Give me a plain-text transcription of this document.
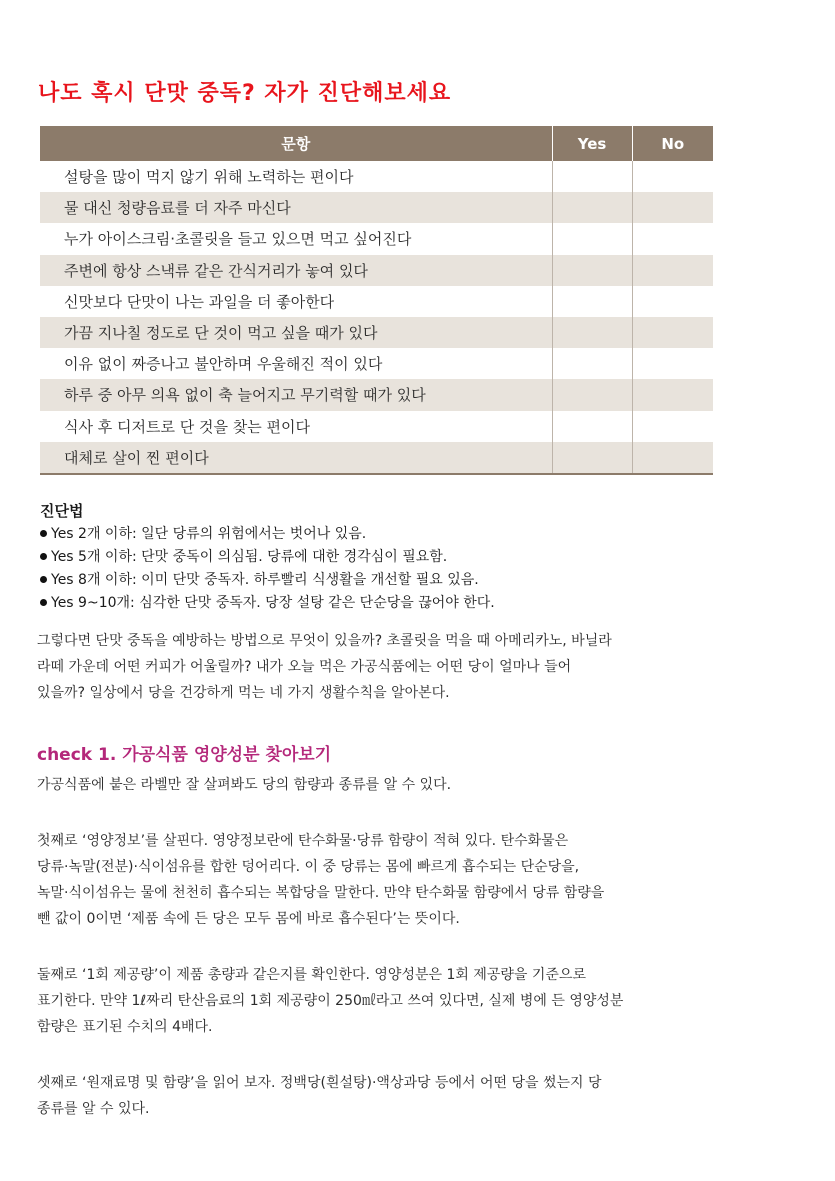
나도 혹시 단맛 중독? 자가 진단해보세요
문항	Yes	No
설탕을 많이 먹지 않기 위해 노력하는 편이다		
물 대신 청량음료를 더 자주 마신다		
누가 아이스크림·초콜릿을 들고 있으면 먹고 싶어진다		
주변에 항상 스낵류 같은 간식거리가 놓여 있다		
신맛보다 단맛이 나는 과일을 더 좋아한다		
가끔 지나칠 정도로 단 것이 먹고 싶을 때가 있다		
이유 없이 짜증나고 불안하며 우울해진 적이 있다		
하루 중 아무 의욕 없이 축 늘어지고 무기력할 때가 있다		
식사 후 디저트로 단 것을 찾는 편이다		
대체로 살이 찐 편이다		
진단법
Yes 2개 이하: 일단 당류의 위험에서는 벗어나 있음.
Yes 5개 이하: 단맛 중독이 의심됨. 당류에 대한 경각심이 필요함.
Yes 8개 이하: 이미 단맛 중독자. 하루빨리 식생활을 개선할 필요 있음.
Yes 9~10개: 심각한 단맛 중독자. 당장 설탕 같은 단순당을 끊어야 한다.

그렇다면 단맛 중독을 예방하는 방법으로 무엇이 있을까? 초콜릿을 먹을 때 아메리카노, 바닐라
라떼 가운데 어떤 커피가 어울릴까? 내가 오늘 먹은 가공식품에는 어떤 당이 얼마나 들어
있을까? 일상에서 당을 건강하게 먹는 네 가지 생활수칙을 알아본다.

check 1. 가공식품 영양성분 찾아보기

가공식품에 붙은 라벨만 잘 살펴봐도 당의 함량과 종류를 알 수 있다.

첫째로 ‘영양정보’를 살핀다. 영양정보란에 탄수화물·당류 함량이 적혀 있다. 탄수화물은
당류·녹말(전분)·식이섬유를 합한 덩어리다. 이 중 당류는 몸에 빠르게 흡수되는 단순당을,
녹말·식이섬유는 물에 천천히 흡수되는 복합당을 말한다. 만약 탄수화물 함량에서 당류 함량을
뺀 값이 0이면 ‘제품 속에 든 당은 모두 몸에 바로 흡수된다’는 뜻이다.

둘째로 ‘1회 제공량’이 제품 총량과 같은지를 확인한다. 영양성분은 1회 제공량을 기준으로
표기한다. 만약 1ℓ짜리 탄산음료의 1회 제공량이 250㎖라고 쓰여 있다면, 실제 병에 든 영양성분
함량은 표기된 수치의 4배다.

셋째로 ‘원재료명 및 함량’을 읽어 보자. 정백당(흰설탕)·액상과당 등에서 어떤 당을 썼는지 당
종류를 알 수 있다.
